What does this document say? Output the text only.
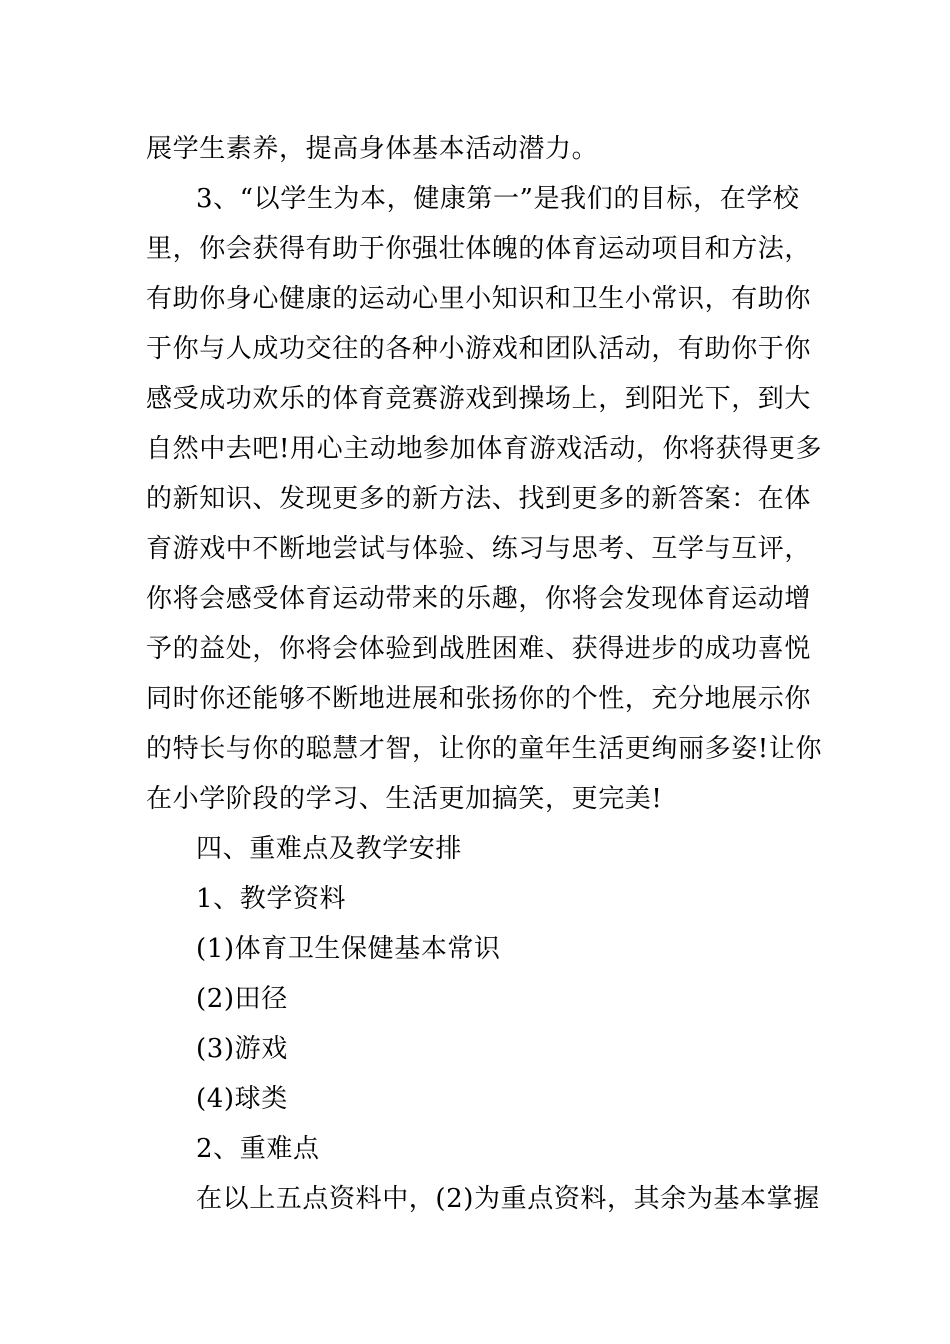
展学生素养，提高身体基本活动潜力。
3、“以学生为本，健康第一”是我们的目标，在学校
里，你会获得有助于你强壮体魄的体育运动项目和方法，
有助你身心健康的运动心里小知识和卫生小常识，有助你
于你与人成功交往的各种小游戏和团队活动，有助你于你
感受成功欢乐的体育竞赛游戏到操场上，到阳光下，到大
自然中去吧!用心主动地参加体育游戏活动，你将获得更多
的新知识、发现更多的新方法、找到更多的新答案：在体
育游戏中不断地尝试与体验、练习与思考、互学与互评，
你将会感受体育运动带来的乐趣，你将会发现体育运动增
予的益处，你将会体验到战胜困难、获得进步的成功喜悦
同时你还能够不断地进展和张扬你的个性，充分地展示你
的特长与你的聪慧才智，让你的童年生活更绚丽多姿!让你
在小学阶段的学习、生活更加搞笑，更完美!
四、重难点及教学安排
1、教学资料
(1)体育卫生保健基本常识
(2)田径
(3)游戏
(4)球类
2、重难点
在以上五点资料中，(2)为重点资料，其余为基本掌握
